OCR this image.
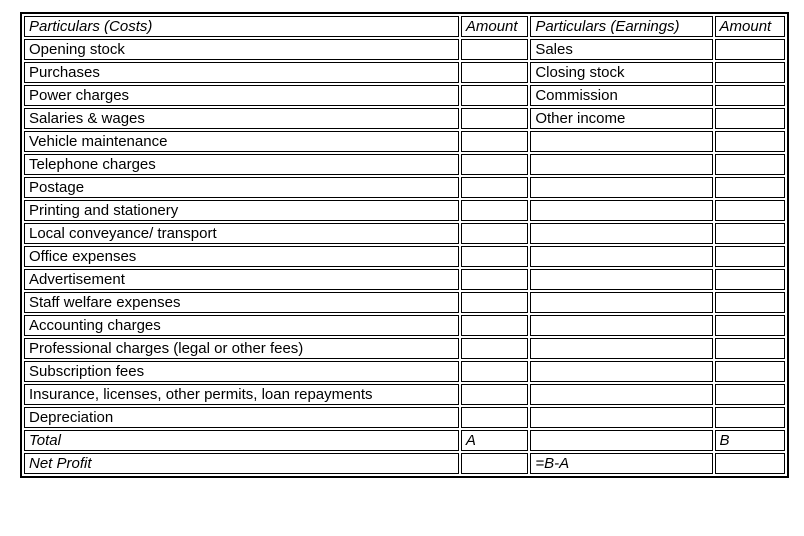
Particulars (Costs)	Amount	Particulars (Earnings)	Amount
Opening stock		Sales	
Purchases		Closing stock	
Power charges		Commission	
Salaries & wages		Other income	
Vehicle maintenance			
Telephone charges			
Postage			
Printing and stationery			
Local conveyance/ transport			
Office expenses			
Advertisement			
Staff welfare expenses			
Accounting charges			
Professional charges (legal or other fees)			
Subscription fees			
Insurance, licenses, other permits, loan repayments			
Depreciation			
Total	A		B
Net Profit		=B-A	
